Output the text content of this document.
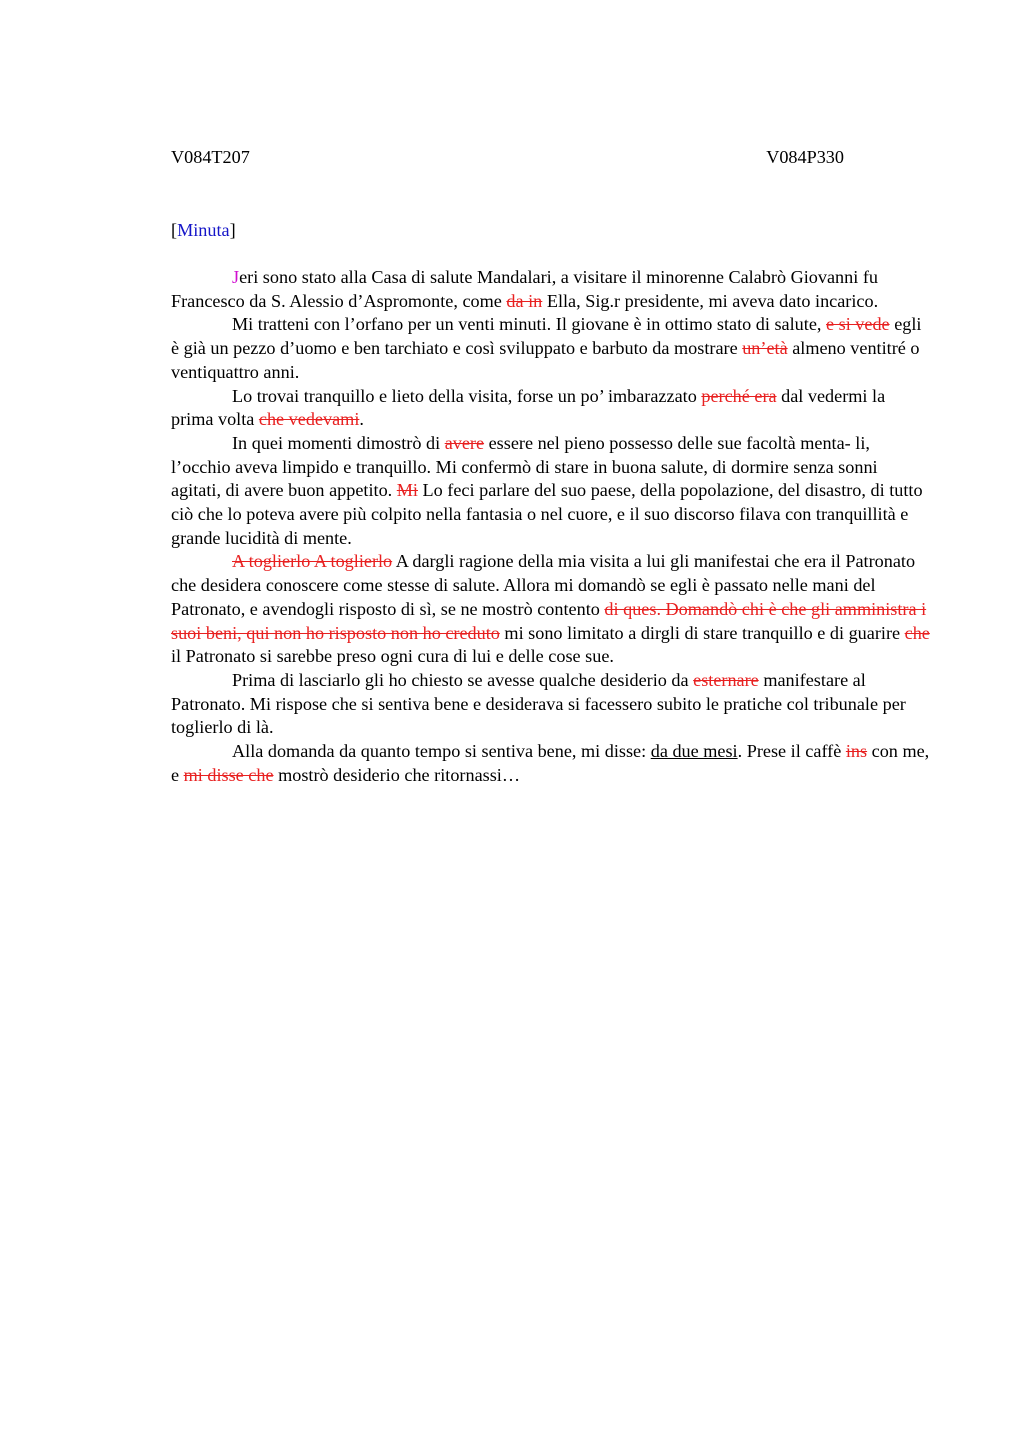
V084T207	V084P330
[Minuta]

Jeri sono stato alla Casa di salute Mandalari, a visitare il minorenne Calabrò Giovanni fu Francesco da S. Alessio d’Aspromonte, come da in Ella, Sig.r presidente, mi aveva dato incarico.

Mi tratteni con l’orfano per un venti minuti. Il giovane è in ottimo stato di salute, e si vede egli è già un pezzo d’uomo e ben tarchiato e così sviluppato e barbuto da mostrare un’età almeno ventitré o ventiquattro anni.

Lo trovai tranquillo e lieto della visita, forse un po’ imbarazzato perché era dal vedermi la prima volta che vedevami.

In quei momenti dimostrò di avere essere nel pieno possesso delle sue facoltà menta- li, l’occhio aveva limpido e tranquillo. Mi confermò di stare in buona salute, di dormire senza sonni agitati, di avere buon appetito. Mi Lo feci parlare del suo paese, della popolazione, del disastro, di tutto ciò che lo poteva avere più colpito nella fantasia o nel cuore, e il suo discorso filava con tranquillità e grande lucidità di mente.

A toglierlo A toglierlo A dargli ragione della mia visita a lui gli manifestai che era il Patronato che desidera conoscere come stesse di salute. Allora mi domandò se egli è passato nelle mani del Patronato, e avendogli risposto di sì, se ne mostrò contento di ques. Domandò chi è che gli amministra i suoi beni, qui non ho risposto non ho creduto mi sono limitato a dirgli di stare tranquillo e di guarire che il Patronato si sarebbe preso ogni cura di lui e delle cose sue.

Prima di lasciarlo gli ho chiesto se avesse qualche desiderio da esternare manifestare al Patronato. Mi rispose che si sentiva bene e desiderava si facessero subito le pratiche col tribunale per toglierlo di là.

Alla domanda da quanto tempo si sentiva bene, mi disse: da due mesi. Prese il caffè ins con me, e mi disse che mostrò desiderio che ritornassi…
